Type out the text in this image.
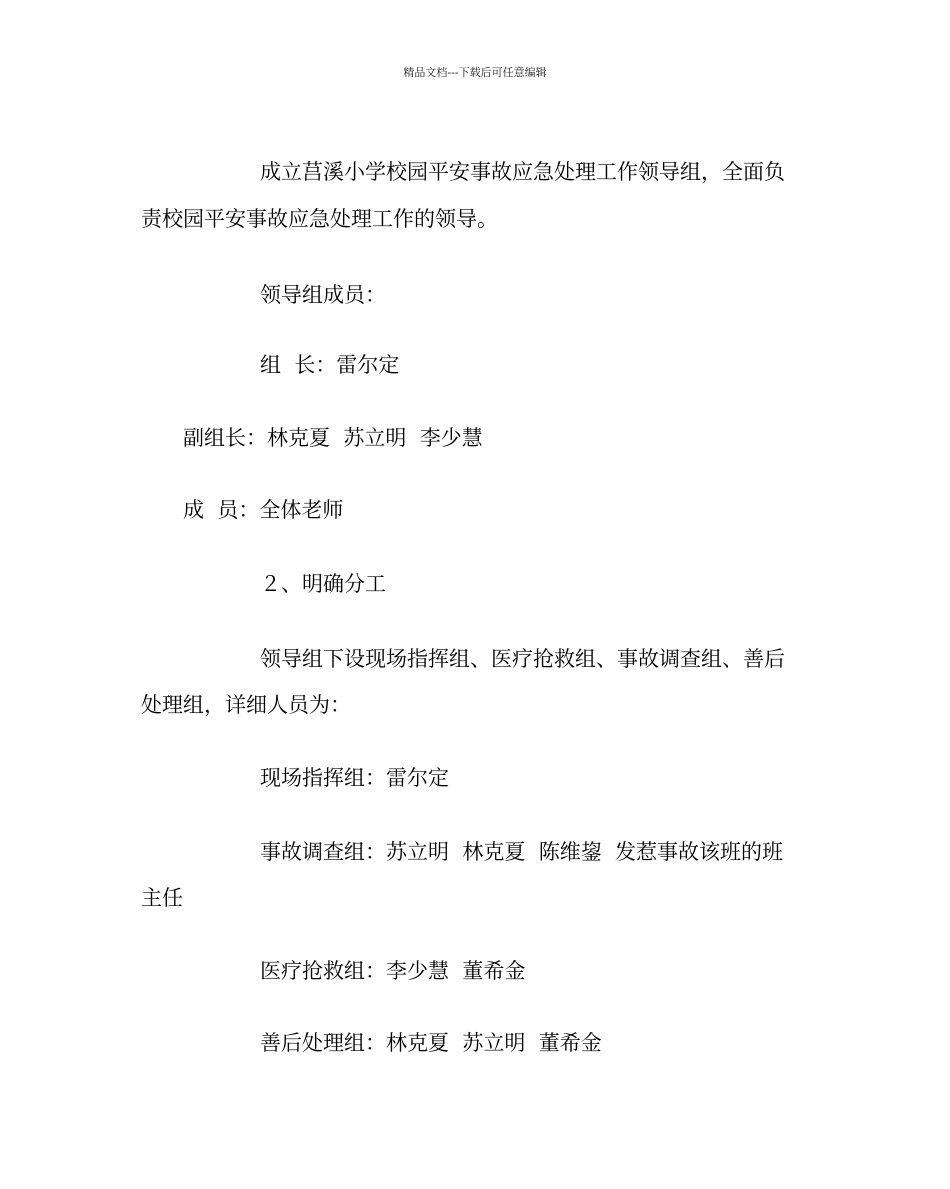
精品文档---下载后可任意编辑
成立莒溪小学校园平安事故应急处理工作领导组，全面负
责校园平安事故应急处理工作的领导。
领导组成员：
组  长：雷尔定
副组长：林克夏  苏立明  李少慧
成  员：全体老师
２、明确分工
领导组下设现场指挥组、医疗抢救组、事故调查组、善后
处理组，详细人员为：
现场指挥组：雷尔定
事故调查组：苏立明  林克夏  陈维鋆  发惹事故该班的班
主任
医疗抢救组：李少慧  董希金
善后处理组：林克夏  苏立明  董希金
